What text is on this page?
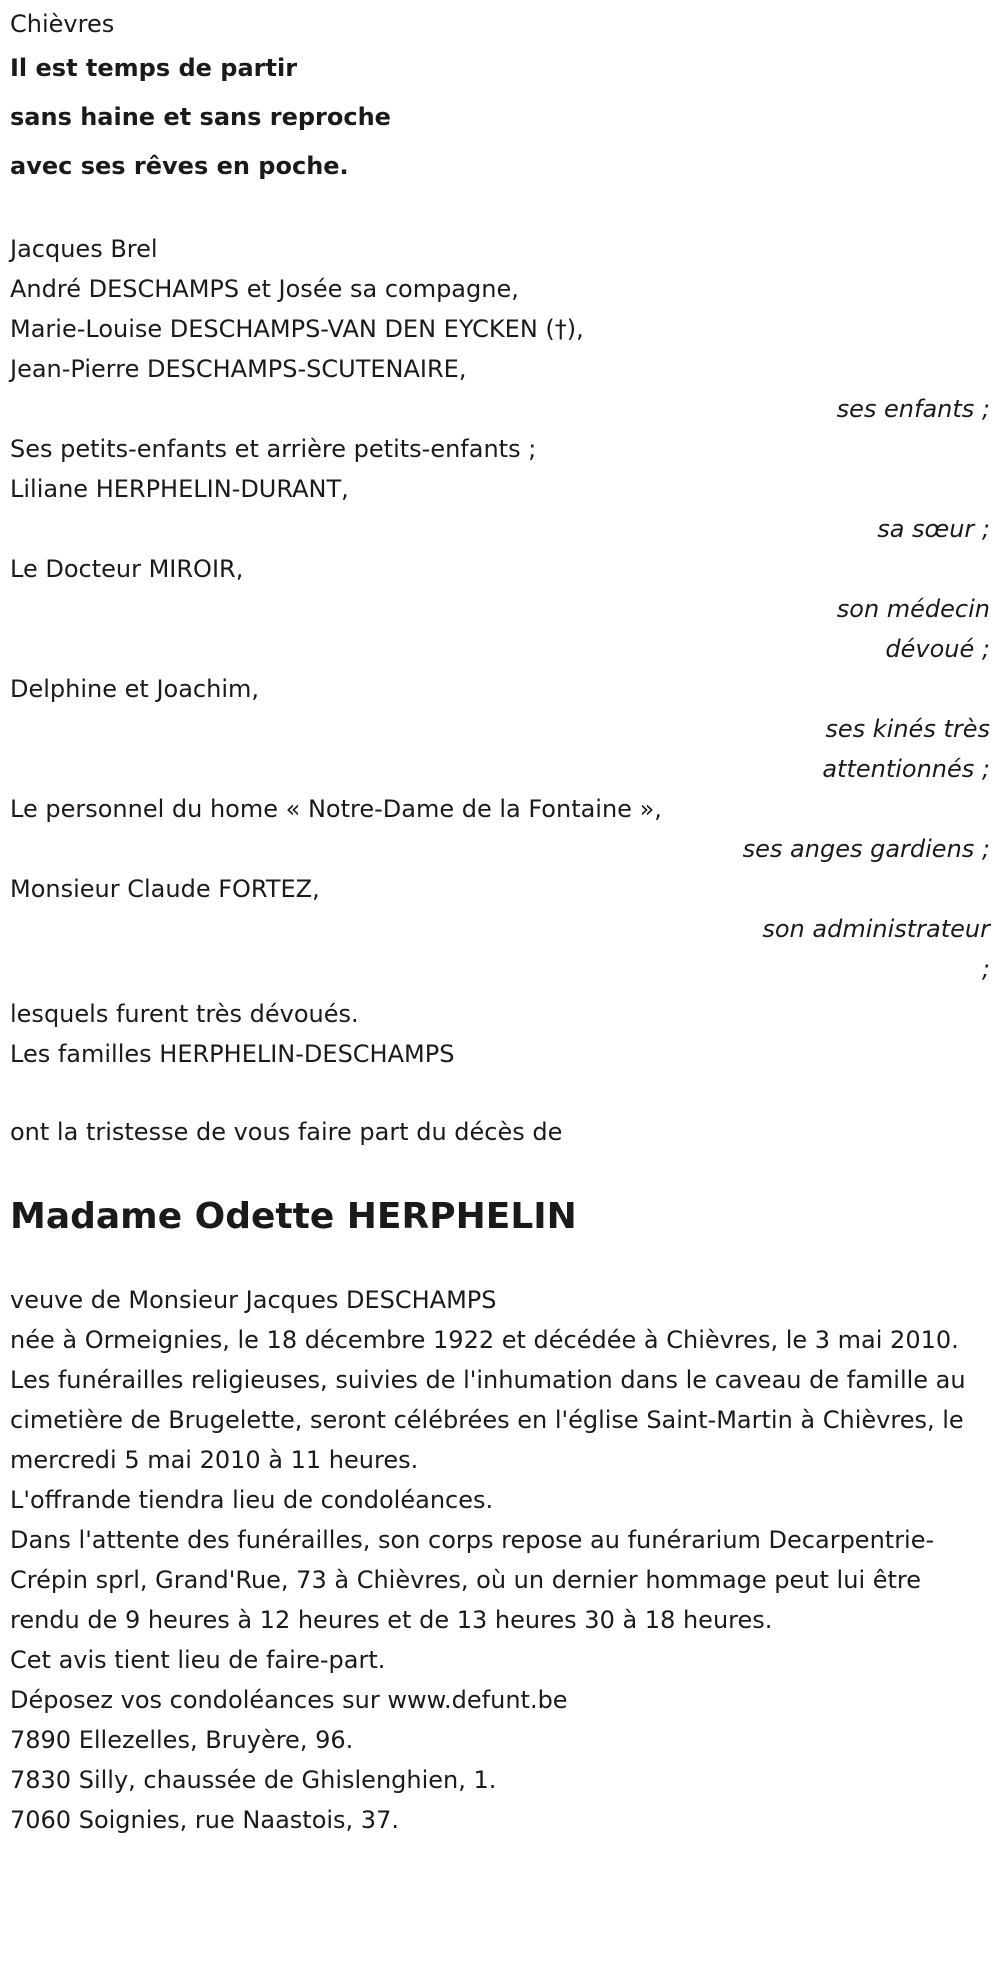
Chièvres

Il est temps de partir

sans haine et sans reproche

avec ses rêves en poche.

Jacques Brel

André DESCHAMPS et Josée sa compagne,

Marie-Louise DESCHAMPS-VAN DEN EYCKEN (†),

Jean-Pierre DESCHAMPS-SCUTENAIRE,

ses enfants ;

Ses petits-enfants et arrière petits-enfants ;

Liliane HERPHELIN-DURANT,

sa sœur ;

Le Docteur MIROIR,

son médecin

dévoué ;

Delphine et Joachim,

ses kinés très

attentionnés ;

Le personnel du home « Notre-Dame de la Fontaine »,

ses anges gardiens ;

Monsieur Claude FORTEZ,

son administrateur

;

lesquels furent très dévoués.

Les familles HERPHELIN-DESCHAMPS

ont la tristesse de vous faire part du décès de

Madame Odette HERPHELIN

veuve de Monsieur Jacques DESCHAMPS

née à Ormeignies, le 18 décembre 1922 et décédée à Chièvres, le 3 mai 2010.

Les funérailles religieuses, suivies de l'inhumation dans le caveau de famille au cimetière de Brugelette, seront célébrées en l'église Saint-Martin à Chièvres, le mercredi 5 mai 2010 à 11 heures.

L'offrande tiendra lieu de condoléances.

Dans l'attente des funérailles, son corps repose au funérarium Decarpentrie-Crépin sprl, Grand'Rue, 73 à Chièvres, où un dernier hommage peut lui être rendu de 9 heures à 12 heures et de 13 heures 30 à 18 heures.

Cet avis tient lieu de faire-part.

Déposez vos condoléances sur www.defunt.be

7890 Ellezelles, Bruyère, 96.

7830 Silly, chaussée de Ghislenghien, 1.

7060 Soignies, rue Naastois, 37.
